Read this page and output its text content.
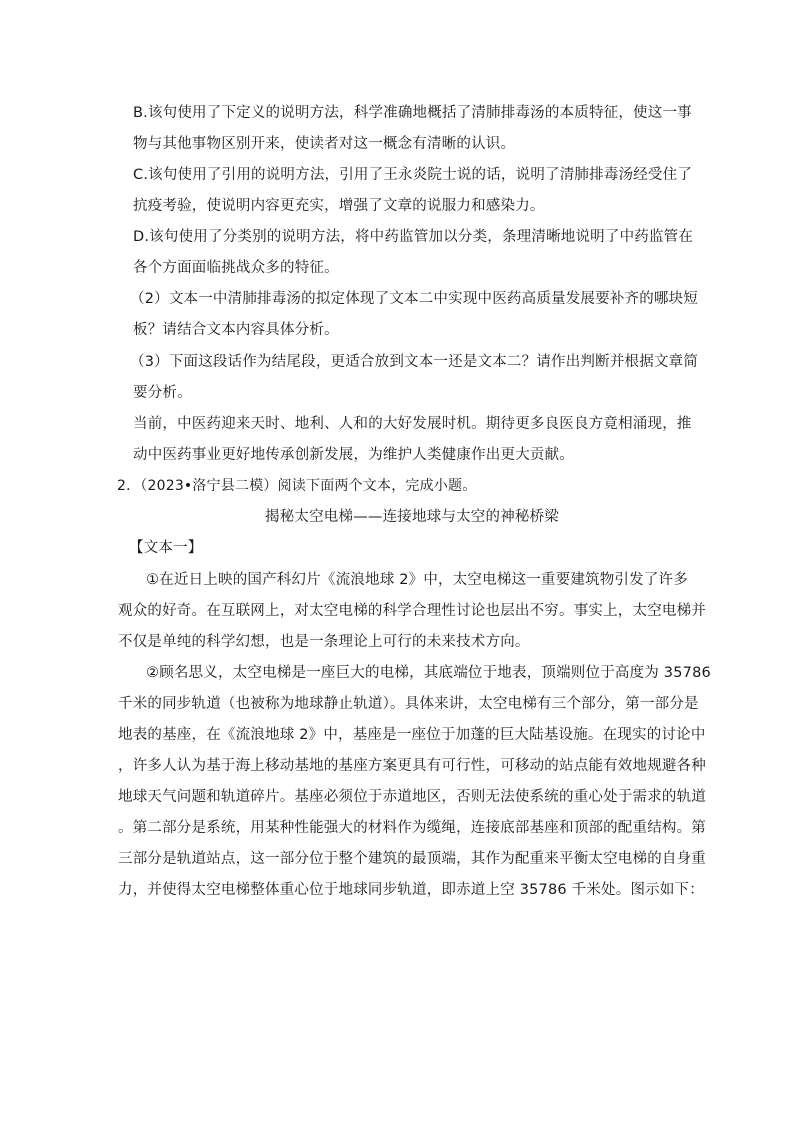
B.该句使用了下定义的说明方法，科学准确地概括了清肺排毒汤的本质特征，使这一事
物与其他事物区别开来，使读者对这一概念有清晰的认识。
C.该句使用了引用的说明方法，引用了王永炎院士说的话，说明了清肺排毒汤经受住了
抗疫考验，使说明内容更充实，增强了文章的说服力和感染力。
D.该句使用了分类别的说明方法，将中药监管加以分类，条理清晰地说明了中药监管在
各个方面面临挑战众多的特征。
（2）文本一中清肺排毒汤的拟定体现了文本二中实现中医药高质量发展要补齐的哪块短
板？请结合文本内容具体分析。
（3）下面这段话作为结尾段，更适合放到文本一还是文本二？请作出判断并根据文章简
要分析。
当前，中医药迎来天时、地利、人和的大好发展时机。期待更多良医良方竟相涌现，推
动中医药事业更好地传承创新发展，为维护人类健康作出更大贡献。
2．（2023•洛宁县二模）阅读下面两个文本，完成小题。
揭秘太空电梯——连接地球与太空的神秘桥梁
【文本一】
①在近日上映的国产科幻片《流浪地球 2》中，太空电梯这一重要建筑物引发了许多
观众的好奇。在互联网上，对太空电梯的科学合理性讨论也层出不穷。事实上，太空电梯并
不仅是单纯的科学幻想，也是一条理论上可行的未来技术方向。
②顾名思义，太空电梯是一座巨大的电梯，其底端位于地表，顶端则位于高度为 35786
千米的同步轨道（也被称为地球静止轨道）。具体来讲，太空电梯有三个部分，第一部分是
地表的基座，在《流浪地球 2》中，基座是一座位于加蓬的巨大陆基设施。在现实的讨论中
，许多人认为基于海上移动基地的基座方案更具有可行性，可移动的站点能有效地规避各种
地球天气问题和轨道碎片。基座必须位于赤道地区，否则无法使系统的重心处于需求的轨道
。第二部分是系统，用某种性能强大的材料作为缆绳，连接底部基座和顶部的配重结构。第
三部分是轨道站点，这一部分位于整个建筑的最顶端，其作为配重来平衡太空电梯的自身重
力，并使得太空电梯整体重心位于地球同步轨道，即赤道上空 35786 千米处。图示如下：
